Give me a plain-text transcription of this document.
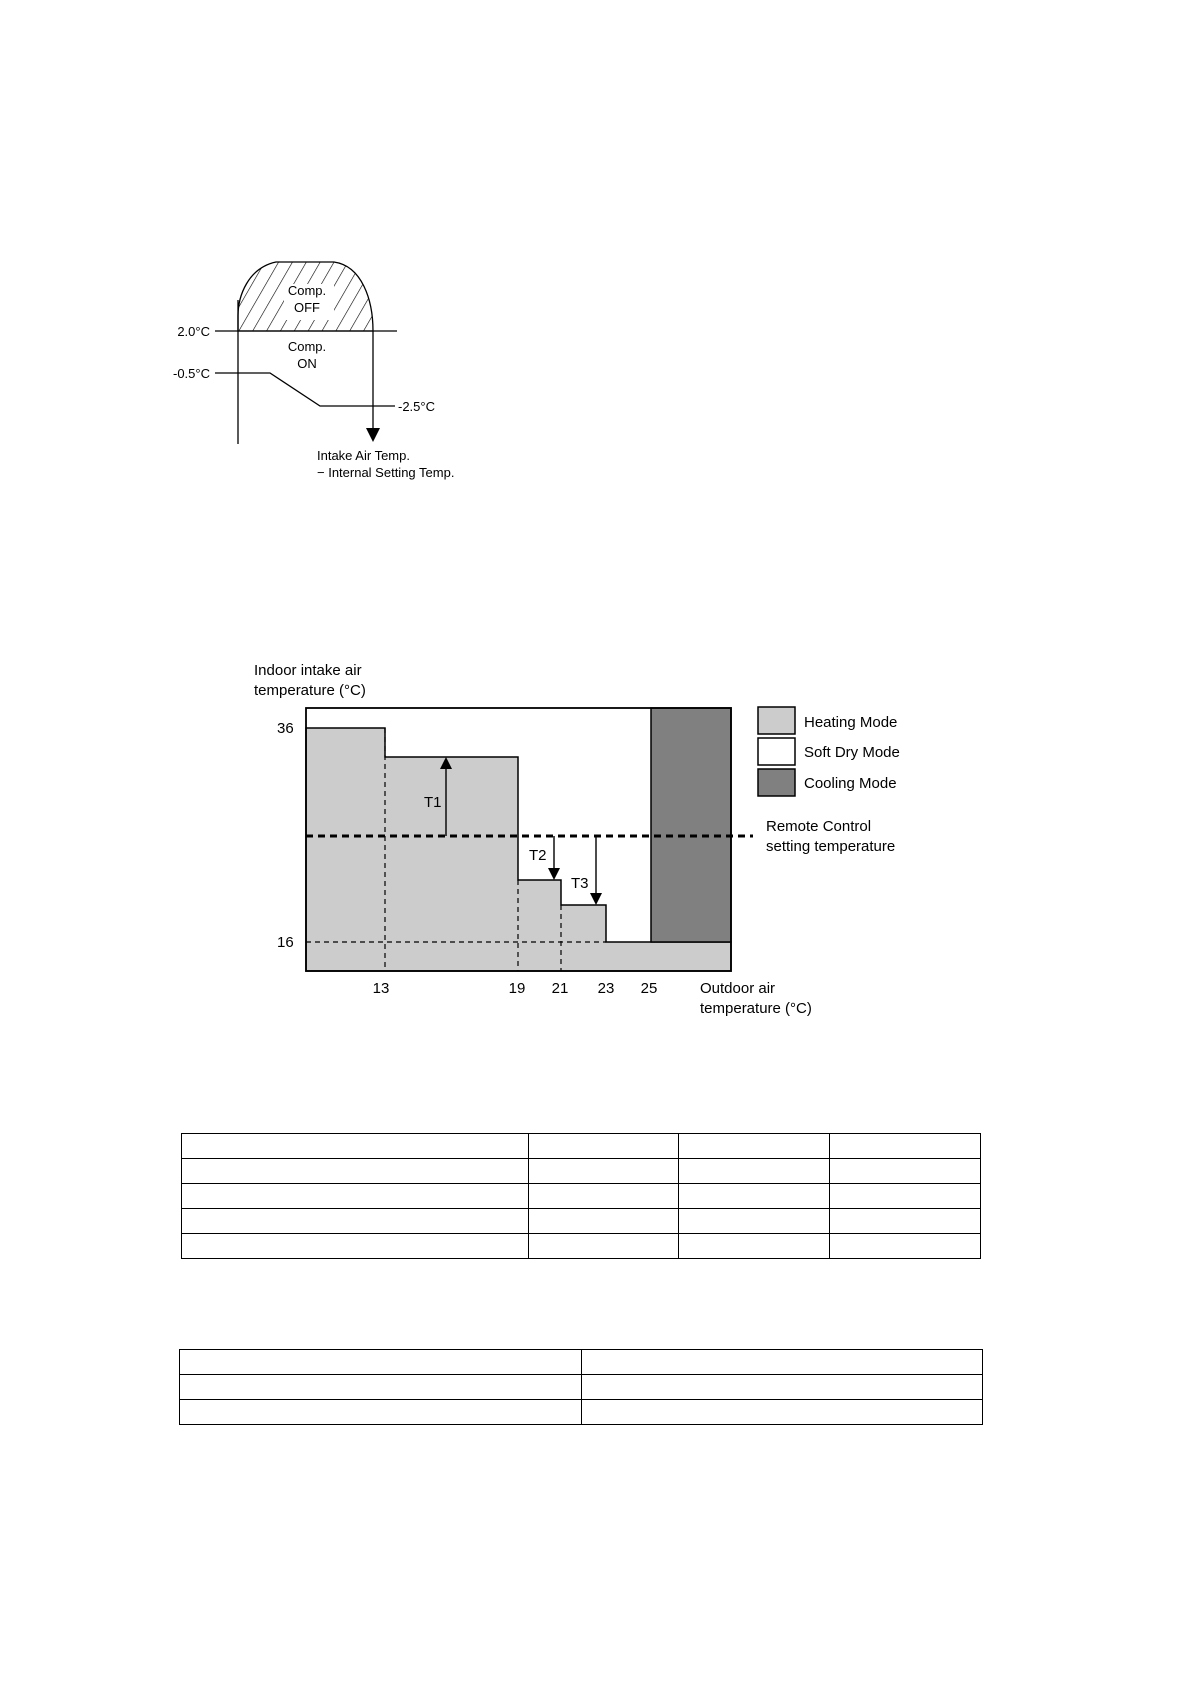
Comp.
OFF
Comp.
ON
2.0°C
-0.5°C
-2.5°C
Intake Air Temp.
− Internal Setting Temp.
T1
T2
T3
Indoor intake air
temperature (°C)
36
16
13	19 21 23 25	Outdoor air
temperature (°C)
Heating Mode
Soft Dry Mode
Cooling Mode
Remote Control
setting temperature
